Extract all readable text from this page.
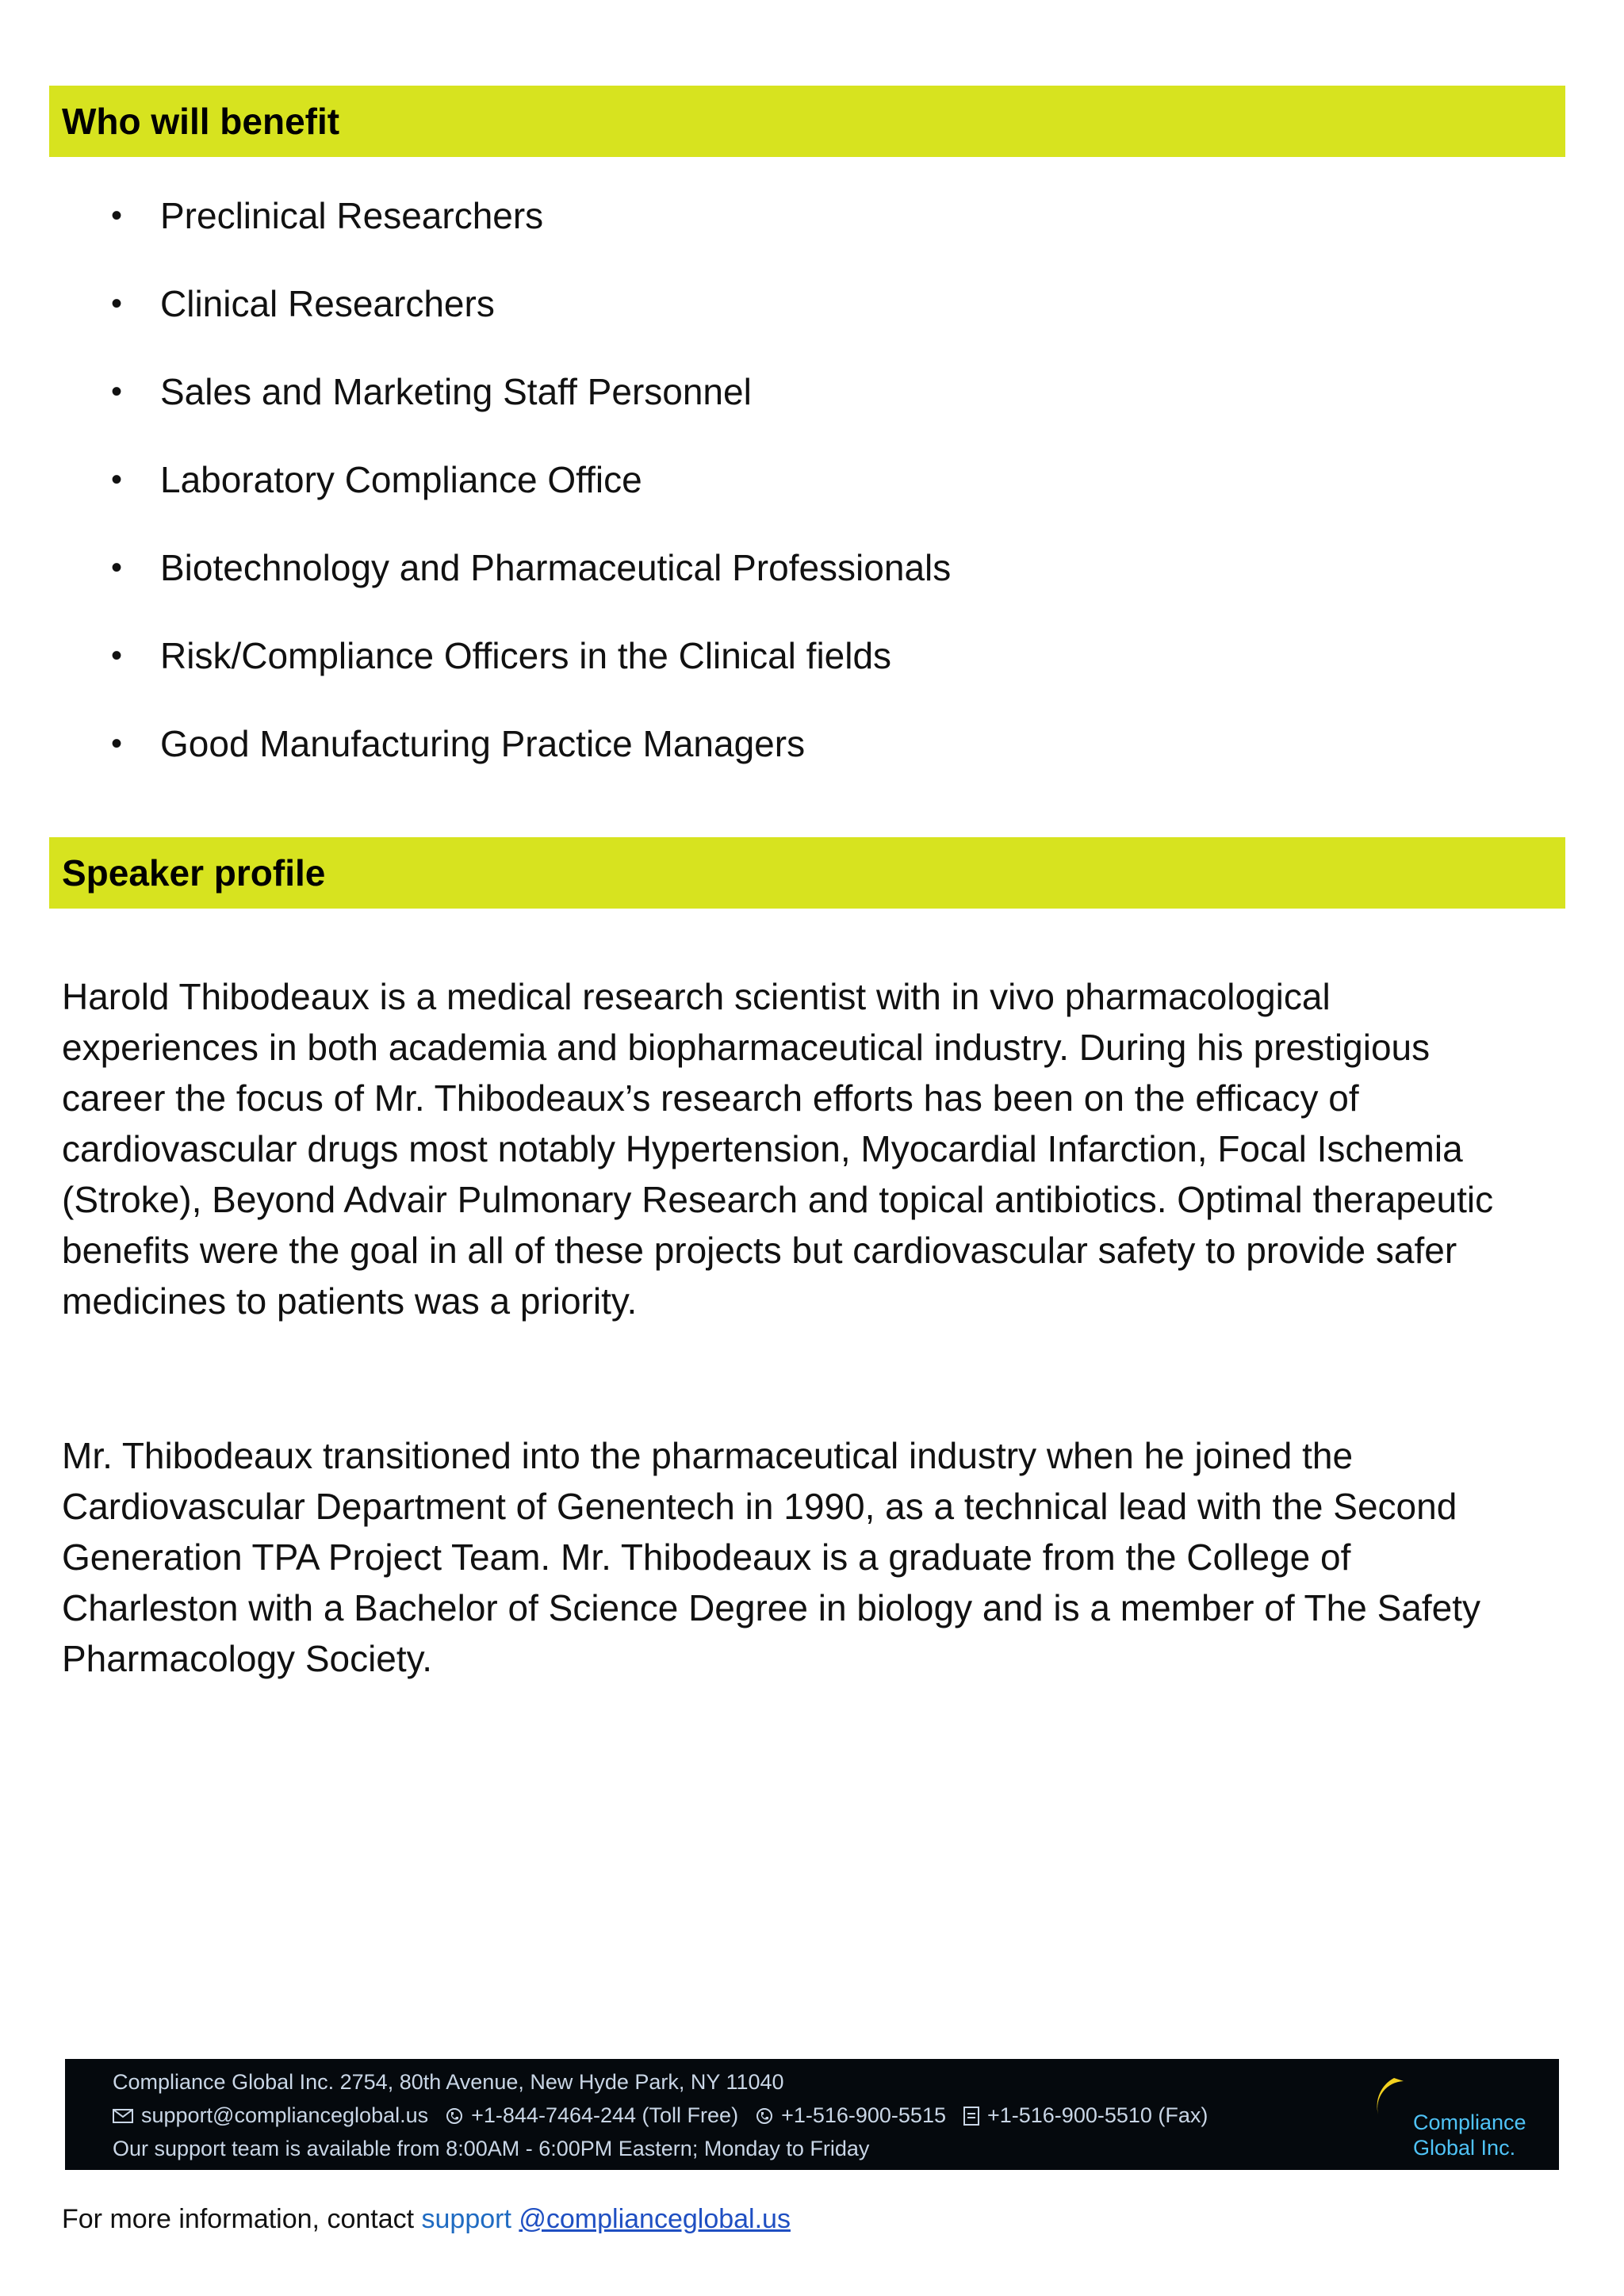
Who will benefit
• Preclinical Researchers
• Clinical Researchers
• Sales and Marketing Staff Personnel
• Laboratory Compliance Office
• Biotechnology and Pharmaceutical Professionals
• Risk/Compliance Officers in the Clinical fields
• Good Manufacturing Practice Managers
Speaker profile

Harold Thibodeaux is a medical research scientist with in vivo pharmacological
experiences in both academia and biopharmaceutical industry. During his prestigious
career the focus of Mr. Thibodeaux’s research efforts has been on the efficacy of
cardiovascular drugs most notably Hypertension, Myocardial Infarction, Focal Ischemia
(Stroke), Beyond Advair Pulmonary Research and topical antibiotics. Optimal therapeutic
benefits were the goal in all of these projects but cardiovascular safety to provide safer
medicines to patients was a priority.

Mr. Thibodeaux transitioned into the pharmaceutical industry when he joined the
Cardiovascular Department of Genentech in 1990, as a technical lead with the Second
Generation TPA Project Team. Mr. Thibodeaux is a graduate from the College of
Charleston with a Bachelor of Science Degree in biology and is a member of The Safety
Pharmacology Society.

Compliance Global Inc. 2754, 80th Avenue, New Hyde Park, NY 11040
support@complianceglobal.us +1-844-7464-244 (Toll Free) +1-516-900-5515 +1-516-900-5510 (Fax)
Our support team is available from 8:00AM - 6:00PM Eastern; Monday to Friday
Compliance
Global Inc.
For more information, contact support @complianceglobal.us
